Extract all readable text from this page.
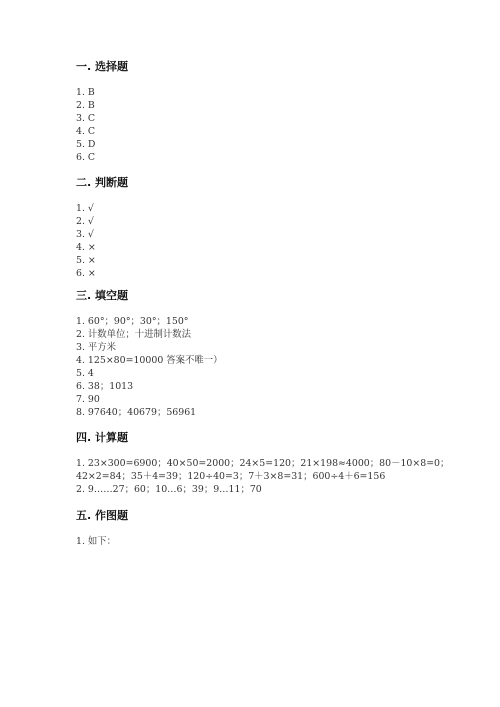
一. 选择题

1. B

2. B

3. C

4. C

5. D

6. C

二. 判断题

1. √

2. √

3. √

4. ×

5. ×

6. ×

三. 填空题

1. 60°；90°；30°；150°

2. 计数单位；十进制计数法

3. 平方米

4. 125×80=10000 答案不唯一）

5. 4

6. 38；1013

7. 90

8. 97640；40679；56961

四. 计算题

1. 23×300=6900；40×50=2000；24×5=120；21×198≈4000；80－10×8=0；

42×2=84；35＋4=39；120÷40=3；7＋3×8=31；600÷4＋6=156

2. 9……27；60；10…6；39；9…11；70

五. 作图题

1. 如下：
